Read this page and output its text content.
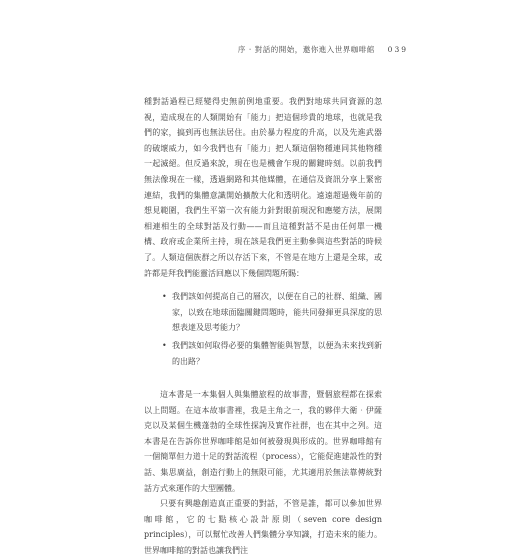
序 ‧ 對話的開始，邀你進入世界咖啡館 039

種對話過程已經變得史無前例地重要。我們對地球共同資源的忽視，造成現在的人類開始有「能力」把這個珍貴的地球，也就是我們的家，搞到再也無法居住。由於暴力程度的升高，以及先進武器的破壞威力，如今我們也有「能力」把人類這個物種連同其他物種一起滅絕。但反過來說，現在也是機會乍現的關鍵時刻。以前我們無法像現在一樣，透過網路和其他媒體，在通信及資訊分享上緊密連結，我們的集體意識開始擴散大化和透明化。遠遠超過幾年前的想見範圍，我們生平第一次有能力針對眼前現況和應變方法，展開相連相生的全球對話及行動——而且這種對話不是由任何單一機構、政府或企業所主持，現在該是我們更主動參與這些對話的時候了。人類這個族群之所以存活下來，不管是在地方上還是全球，或許都是拜我們能靈活回應以下幾個問題所賜：

• 我們該如何提高自己的層次，以便在自己的社群、組織、國家，以致在地球面臨關鍵問題時，能共同發揮更具深度的思想表達及思考能力？
• 我們該如何取得必要的集體智能與智慧，以便為未來找到新的出路？

這本書是一本集個人與集體旅程的故事書，暨個旅程都在探索以上問題。在這本故事書裡，我是主角之一，我的夥伴大衛‧伊薩克以及某個生機蓬勃的全球性探詢及實作社群，也在其中之列。這本書是在告訴你世界咖啡館是如何被發現與形成的。世界咖啡館有一個簡單但力道十足的對話流程（process），它能促進建設性的對話、集思廣益，創造行動上的無限可能，尤其適用於無法靠傳統對話方式來運作的大型團體。

只要有興趣創造真正重要的對話，不管是誰，都可以參加世界咖啡館，它的七點核心設計原則（seven core design principles），可以幫忙改善人們集體分享知識，打造未來的能力。世界咖啡館的對話也讓我們注
